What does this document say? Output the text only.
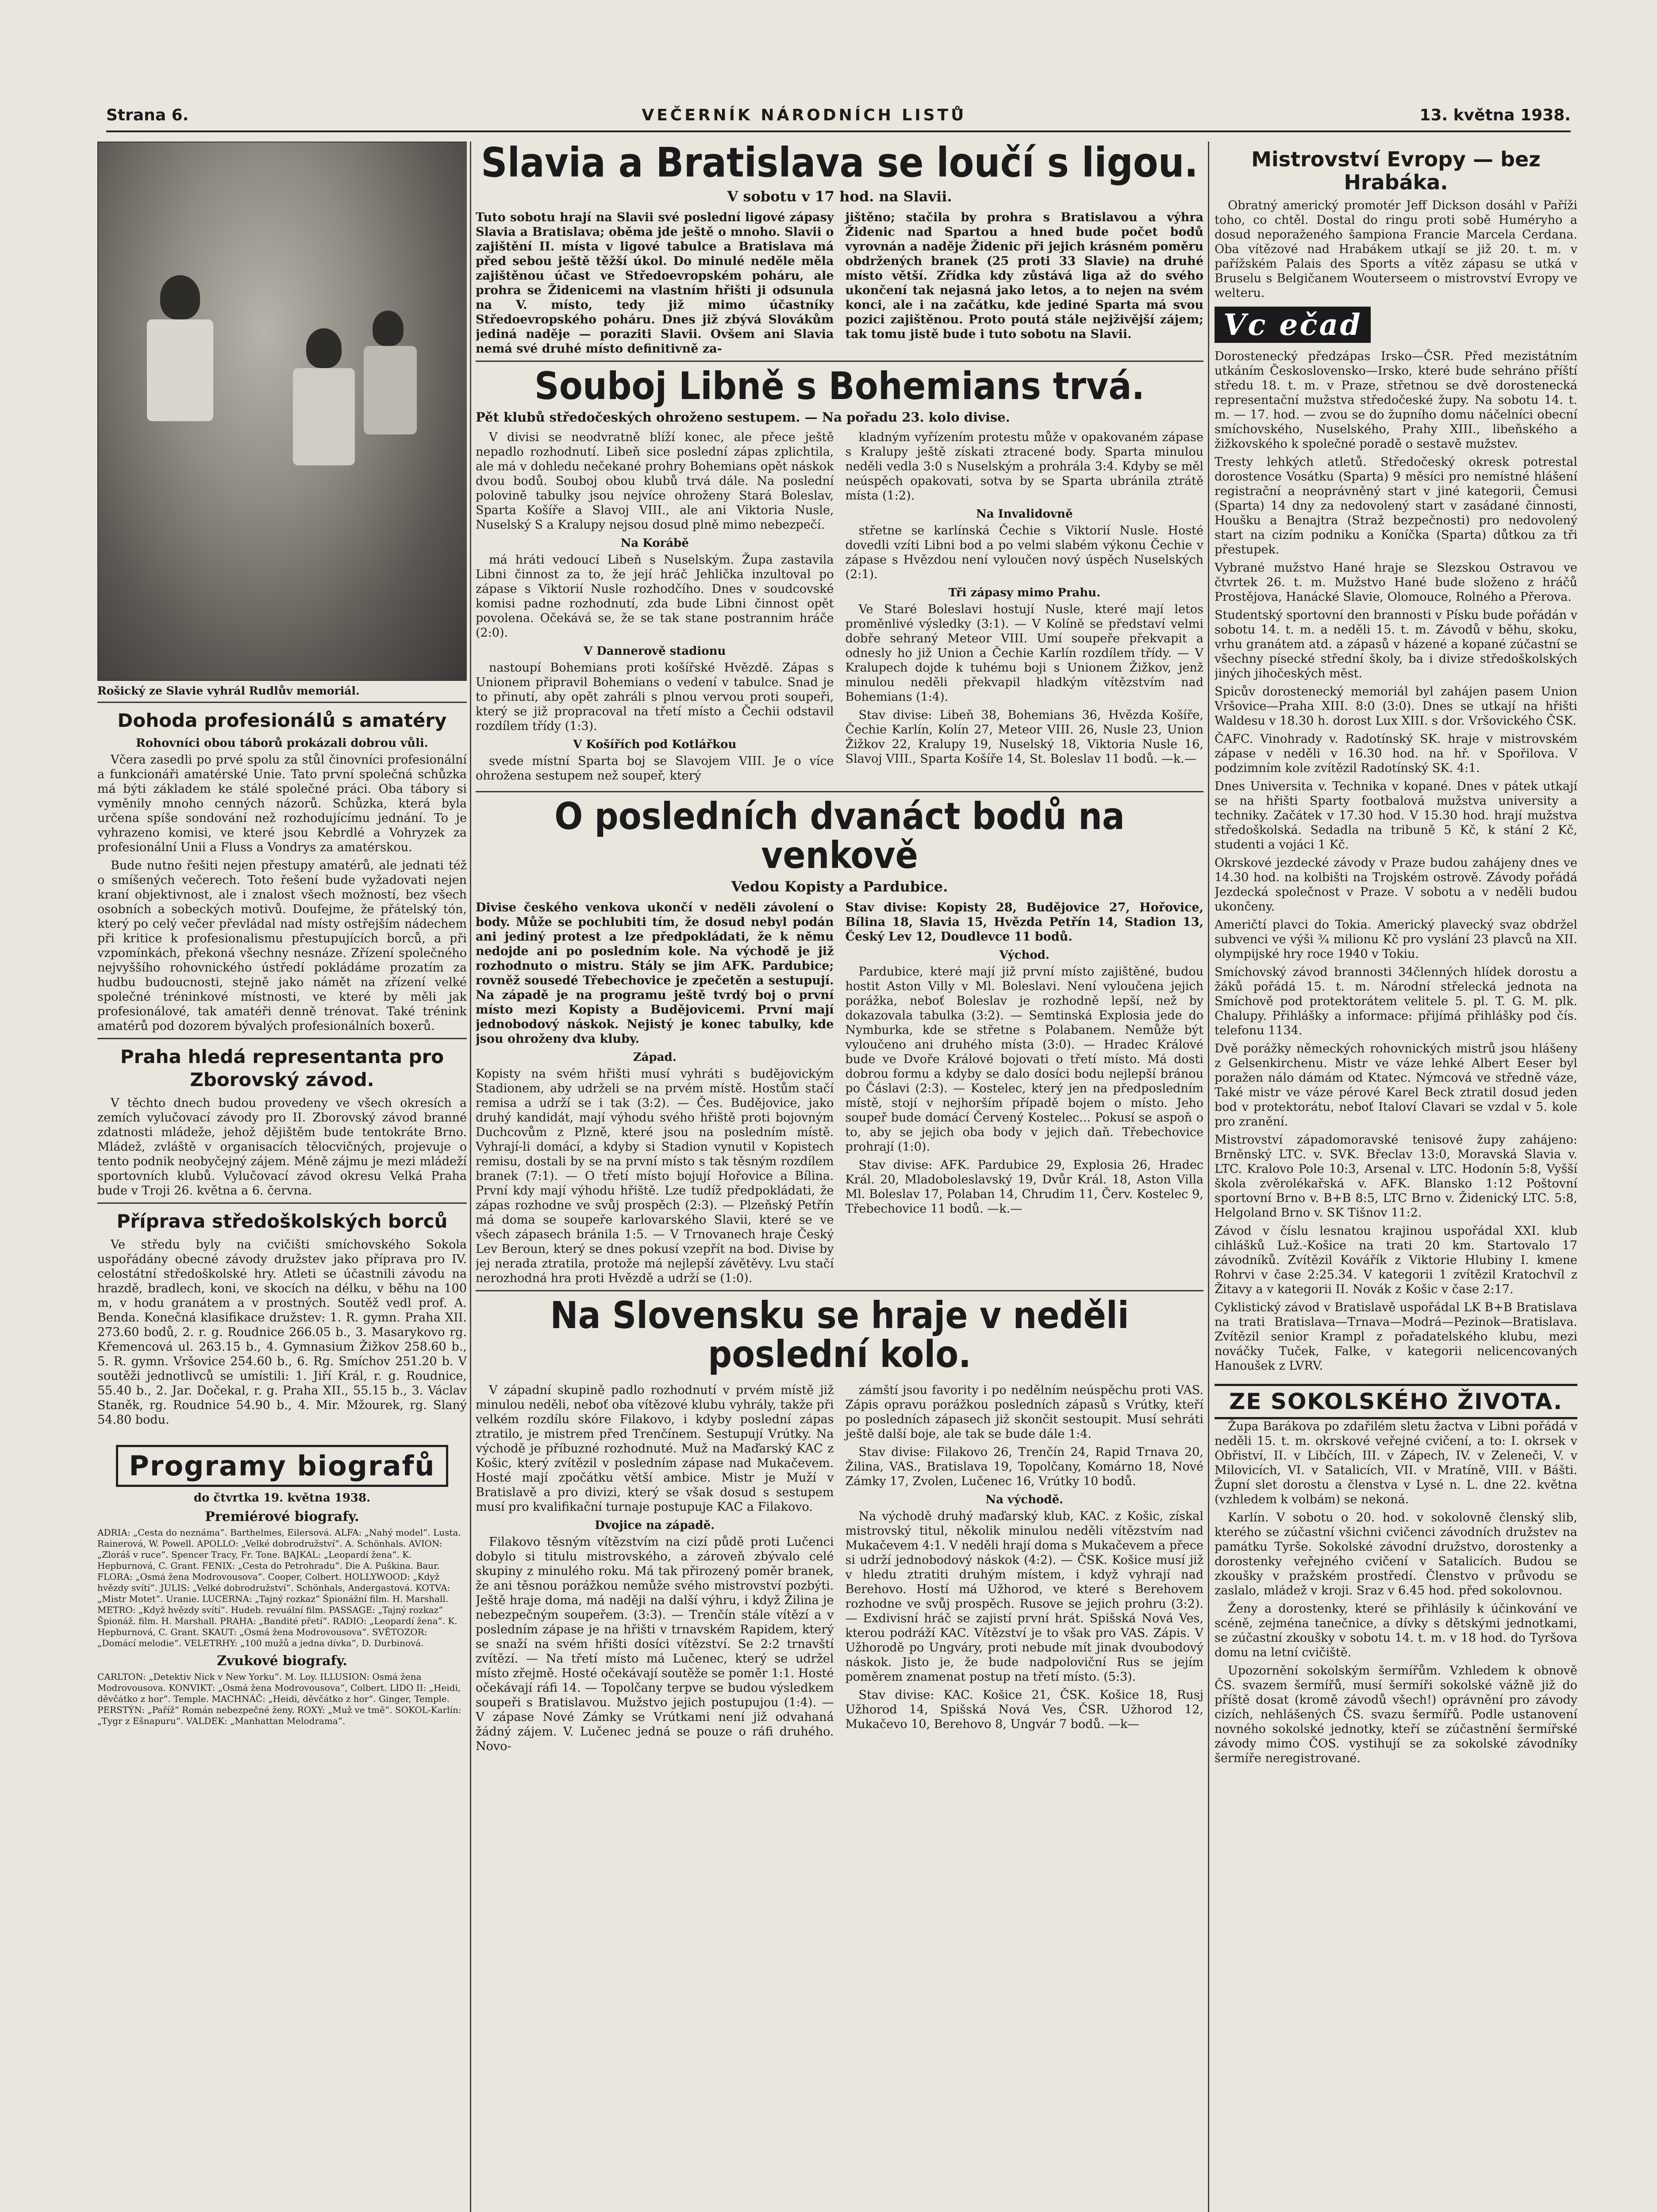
Strana 6.	VEČERNÍK NÁRODNÍCH LISTŮ	13. května 1938.
Rošický ze Slavie vyhrál Rudlův memoriál.
Dohoda profesionálů s amatéry
Rohovníci obou táborů prokázali dobrou vůli.

Včera zasedli po prvé spolu za stůl činovníci profesionální a funkcionáři amatérské Unie. Tato první společná schůzka má býti základem ke stálé společné práci. Oba tábory si vyměnily mnoho cenných názorů. Schůzka, která byla určena spíše sondování než rozhodujícímu jednání. To je vyhrazeno komisi, ve které jsou Kebrdlé a Vohryzek za profesionální Unii a Fluss a Vondrys za amatérskou.

Bude nutno řešiti nejen přestupy amatérů, ale jednati též o smíšených večerech. Toto řešení bude vyžadovati nejen kraní objektivnost, ale i znalost všech možností, bez všech osobních a sobeckých motivů. Doufejme, že přátelský tón, který po celý večer převládal nad místy ostřejším nádechem při kritice k profesionalismu přestupujících borců, a při vzpomínkách, překoná všechny nesnáze. Zřízení společného nejvyššího rohovnického ústředí pokládáme prozatím za hudbu budoucnosti, stejně jako námět na zřízení velké společné tréninkové místnosti, ve které by měli jak profesionálové, tak amatéři denně trénovat. Také trénink amatérů pod dozorem bývalých profesionálních boxerů.

Praha hledá representanta pro Zborovský závod.

V těchto dnech budou provedeny ve všech okresích a zemích vylučovací závody pro II. Zborovský závod branné zdatnosti mládeže, jehož dějištěm bude tentokráte Brno. Mládež, zvláště v organisacích tělocvičných, projevuje o tento podnik neobyčejný zájem. Méně zájmu je mezi mládeží sportovních klubů. Vylučovací závod okresu Velká Praha bude v Troji 26. května a 6. června.

Příprava středoškolských borců

Ve středu byly na cvičišti smíchovského Sokola uspořádány obecné závody družstev jako příprava pro IV. celostátní středoškolské hry. Atleti se účastnili závodu na hrazdě, bradlech, koni, ve skocích na délku, v běhu na 100 m, v hodu granátem a v prostných. Soutěž vedl prof. A. Benda. Konečná klasifikace družstev: 1. R. gymn. Praha XII. 273.60 bodů, 2. r. g. Roudnice 266.05 b., 3. Masarykovo rg. Křemencová ul. 263.15 b., 4. Gymnasium Žižkov 258.60 b., 5. R. gymn. Vršovice 254.60 b., 6. Rg. Smíchov 251.20 b. V soutěži jednotlivců se umístili: 1. Jiří Král, r. g. Roudnice, 55.40 b., 2. Jar. Dočekal, r. g. Praha XII., 55.15 b., 3. Václav Staněk, rg. Roudnice 54.90 b., 4. Mir. Mžourek, rg. Slaný 54.80 bodu.

Programy biografů
do čtvrtka 19. května 1938.
Premiérové biografy.

ADRIA: „Cesta do neznáma“. Barthelmes, Eilersová. ALFA: „Nahý model“. Lusta. Rainerová, W. Powell. APOLLO: „Velké dobrodružství“. A. Schönhals. AVION: „Zloráš v ruce“. Spencer Tracy, Fr. Tone. BAJKAL: „Leopardí žena“. K. Hepburnová, C. Grant. FENIX: „Cesta do Petrohradu“. Die A. Puškina. Baur. FLORA: „Osmá žena Modrovousova“. Cooper, Colbert. HOLLYWOOD: „Když hvězdy svítí“. JULIS: „Velké dobrodružství“. Schönhals, Andergastová. KOTVA: „Mistr Motet“. Uranie. LUCERNA: „Tajný rozkaz“ Špionážní film. H. Marshall. METRO: „Když hvězdy svítí“. Hudeb. revuální film. PASSAGE: „Tajný rozkaz“ Špionáž. film. H. Marshall. PRAHA: „Bandité přetí“. RADIO: „Leopardí žena“. K. Hepburnová, C. Grant. SKAUT: „Osmá žena Modrovousova“. SVĚTOZOR: „Domácí melodie“. VELETRHY: „100 mužů a jedna dívka“, D. Durbinová.

Zvukové biografy.

CARLTON: „Detektiv Nick v New Yorku“. M. Loy. ILLUSION: Osmá žena Modrovousova. KONVIKT: „Osmá žena Modrovousova“, Colbert. LIDO II: „Heidi, děvčátko z hor“. Temple. MACHNÁČ: „Heidi, děvčátko z hor“. Ginger, Temple. PERSTÝN: „Paříž“ Román nebezpečné ženy. ROXY: „Muž ve tmě“. SOKOL-Karlín: „Tygr z Ešnapuru“. VALDEK: „Manhattan Melodrama“.

Slavia a Bratislava se loučí s ligou.
V sobotu v 17 hod. na Slavii.

Tuto sobotu hrají na Slavii své poslední ligové zápasy Slavia a Bratislava; oběma jde ještě o mnoho. Slavii o zajištění II. místa v ligové tabulce a Bratislava má před sebou ještě těžší úkol. Do minulé neděle měla zajištěnou účast ve Středoevropském poháru, ale prohra se Židenicemi na vlastním hřišti ji odsunula na V. místo, tedy již mimo účastníky Středoevropského poháru. Dnes již zbývá Slovákům jediná naděje — poraziti Slavii. Ovšem ani Slavia nemá své druhé místo definitivně za-

jištěno; stačila by prohra s Bratislavou a výhra Židenic nad Spartou a hned bude počet bodů vyrovnán a naděje Židenic při jejich krásném poměru obdržených branek (25 proti 33 Slavie) na druhé místo větší. Zřídka kdy zůstává liga až do svého ukončení tak nejasná jako letos, a to nejen na svém konci, ale i na začátku, kde jediné Sparta má svou pozici zajištěnou. Proto poutá stále nejživější zájem; tak tomu jistě bude i tuto sobotu na Slavii.

Souboj Libně s Bohemians trvá.
Pět klubů středočeských ohroženo sestupem. — Na pořadu 23. kolo divise.

V divisi se neodvratně blíží konec, ale přece ještě nepadlo rozhodnutí. Libeň sice poslední zápas zplichtila, ale má v dohledu nečekané prohry Bohemians opět náskok dvou bodů. Souboj obou klubů trvá dále. Na poslední polovině tabulky jsou nejvíce ohroženy Stará Boleslav, Sparta Košíře a Slavoj VIII., ale ani Viktoria Nusle, Nuselský S a Kralupy nejsou dosud plně mimo nebezpečí.

Na Korábě

má hráti vedoucí Libeň s Nuselským. Župa zastavila Libni činnost za to, že její hráč Jehlička inzultoval po zápase s Viktorií Nusle rozhodčího. Dnes v soudcovské komisi padne rozhodnutí, zda bude Libni činnost opět povolena. Očekává se, že se tak stane postrannim hráče (2:0).

V Dannerově stadionu

nastoupí Bohemians proti košířské Hvězdě. Zápas s Unionem připravil Bohemians o vedení v tabulce. Snad je to přinutí, aby opět zahráli s plnou vervou proti soupeři, který se již propracoval na třetí místo a Čechii odstavil rozdílem třídy (1:3).

V Košířích pod Kotlářkou

svede místní Sparta boj se Slavojem VIII. Je o více ohrožena sestupem než soupeř, který

kladným vyřízením protestu může v opakovaném zápase s Kralupy ještě získati ztracené body. Sparta minulou neděli vedla 3:0 s Nuselským a prohrála 3:4. Kdyby se měl neúspěch opakovati, sotva by se Sparta ubránila ztrátě místa (1:2).

Na Invalidovně

střetne se karlínská Čechie s Viktorií Nusle. Hosté dovedli vzíti Libni bod a po velmi slabém výkonu Čechie v zápase s Hvězdou není vyloučen nový úspěch Nuselských (2:1).

Tři zápasy mimo Prahu.

Ve Staré Boleslavi hostují Nusle, které mají letos proměnlivé výsledky (3:1). — V Kolíně se představí velmi dobře sehraný Meteor VIII. Umí soupeře překvapit a odnesly ho již Union a Čechie Karlín rozdílem třídy. — V Kralupech dojde k tuhému boji s Unionem Žižkov, jenž minulou neděli překvapil hladkým vítězstvím nad Bohemians (1:4).

Stav divise: Libeň 38, Bohemians 36, Hvězda Košíře, Čechie Karlín, Kolín 27, Meteor VIII. 26, Nusle 23, Union Žižkov 22, Kralupy 19, Nuselský 18, Viktoria Nusle 16, Slavoj VIII., Sparta Košíře 14, St. Boleslav 11 bodů. —k.—

O posledních dvanáct bodů na venkově
Vedou Kopisty a Pardubice.

Divise českého venkova ukončí v neděli závolení o body. Může se pochlubiti tím, že dosud nebyl podán ani jediný protest a lze předpokládati, že k němu nedojde ani po posledním kole. Na východě je již rozhodnuto o mistru. Stály se jim AFK. Pardubice; rovněž sousedé Třebechovice je zpečetěn a sestupují. Na západě je na programu ještě tvrdý boj o první místo mezi Kopisty a Budějovicemi. První mají jednobodový náskok. Nejistý je konec tabulky, kde jsou ohroženy dva kluby.

Západ.

Kopisty na svém hřišti musí vyhráti s budějovickým Stadionem, aby udrželi se na prvém místě. Hostům stačí remisa a udrží se i tak (3:2). — Čes. Budějovice, jako druhý kandidát, mají výhodu svého hřiště proti bojovným Duchcovům z Plzně, které jsou na posledním místě. Vyhrají-li domácí, a kdyby si Stadion vynutil v Kopistech remisu, dostali by se na první místo s tak těsným rozdílem branek (7:1). — O třetí místo bojují Hořovice a Bílina. První kdy mají výhodu hřiště. Lze tudíž předpokládati, že zápas rozhodne ve svůj prospěch (2:3). — Plzeňský Petřín má doma se soupeře karlovarského Slavii, které se ve všech zápasech bránila 1:5. — V Trnovanech hraje Český Lev Beroun, který se dnes pokusí vzepřít na bod. Divise by jej nerada ztratila, protože má nejlepší závětěvy. Lvu stačí nerozhodná hra proti Hvězdě a udrží se (1:0).

Stav divise: Kopisty 28, Budějovice 27, Hořovice, Bílina 18, Slavia 15, Hvězda Petřín 14, Stadion 13, Český Lev 12, Doudlevce 11 bodů.

Východ.

Pardubice, které mají již první místo zajištěné, budou hostit Aston Villy v Ml. Boleslavi. Není vyloučena jejich porážka, neboť Boleslav je rozhodně lepší, než by dokazovala tabulka (3:2). — Semtinská Explosia jede do Nymburka, kde se střetne s Polabanem. Nemůže být vyloučeno ani druhého místa (3:0). — Hradec Králové bude ve Dvoře Králové bojovati o třetí místo. Má dosti dobrou formu a kdyby se dalo dosíci bodu nejlepší bránou po Čáslavi (2:3). — Kostelec, který jen na předposledním místě, stojí v nejhorším případě bojem o místo. Jeho soupeř bude domácí Červený Kostelec... Pokusí se aspoň o to, aby se jejich oba body v jejich daň. Třebechovice prohrají (1:0).

Stav divise: AFK. Pardubice 29, Explosia 26, Hradec Král. 20, Mladoboleslavský 19, Dvůr Král. 18, Aston Villa Ml. Boleslav 17, Polaban 14, Chrudim 11, Červ. Kostelec 9, Třebechovice 11 bodů. —k.—

Na Slovensku se hraje v neděli poslední kolo.

V západní skupině padlo rozhodnutí v prvém místě již minulou neděli, neboť oba vítězové klubu vyhrály, takže při velkém rozdílu skóre Filakovo, i kdyby poslední zápas ztratilo, je mistrem před Trenčínem. Sestupují Vrútky. Na východě je příbuzné rozhodnuté. Muž na Maďarský KAC z Košic, který zvítězil v posledním zápase nad Mukačevem. Hosté mají zpočátku větší ambice. Mistr je Muží v Bratislavě a pro divizi, který se však dosud s sestupem musí pro kvalifikační turnaje postupuje KAC a Filakovo.

Dvojice na západě.

Filakovo těsným vítězstvím na cizí půdě proti Lučenci dobylo si titulu mistrovského, a zároveň zbývalo celé skupiny z minulého roku. Má tak přirozený poměr branek, že ani těsnou porážkou nemůže svého mistrovství pozbýti. Ještě hraje doma, má naději na další výhru, i když Žilina je nebezpečným soupeřem. (3:3). — Trenčín stále vítězí a v posledním zápase je na hřišti v trnavském Rapidem, který se snaží na svém hřišti dosíci vítězství. Se 2:2 trnavští zvítězí. — Na třetí místo má Lučenec, který se udržel místo zřejmě. Hosté očekávají soutěže se poměr 1:1. Hosté očekávají ráfi 14. — Topolčany terpve se budou výsledkem soupeři s Bratislavou. Mužstvo jejich postupujou (1:4). — V zápase Nové Zámky se Vrútkami není již odvahaná žádný zájem. V. Lučenec jedná se pouze o ráfi druhého. Novo-

zámští jsou favority i po nedělním neúspěchu proti VAS. Zápis opravu porážkou posledních zápasů s Vrútky, kteří po posledních zápasech již skončit sestoupit. Musí sehráti ještě další boje, ale tak se bude dále 1:4.

Stav divise: Filakovo 26, Trenčín 24, Rapid Trnava 20, Žilina, VAS., Bratislava 19, Topolčany, Komárno 18, Nové Zámky 17, Zvolen, Lučenec 16, Vrútky 10 bodů.

Na východě.

Na východě druhý maďarský klub, KAC. z Košic, získal mistrovský titul, několik minulou neděli vítězstvím nad Mukačevem 4:1. V neděli hrají doma s Mukačevem a přece si udrží jednobodový náskok (4:2). — ČSK. Košice musí již v hledu ztratiti druhým místem, i když vyhrají nad Berehovo. Hostí má Užhorod, ve které s Berehovem rozhodne ve svůj prospěch. Rusove se jejich prohru (3:2). — Exdivisní hráč se zajistí první hrát. Spišská Nová Ves, kterou podráží KAC. Vítězství je to však pro VAS. Zápis. V Užhorodě po Ungváry, proti nebude mít jinak dvoubodový náskok. Jisto je, že bude nadpoloviční Rus se jejím poměrem znamenat postup na třetí místo. (5:3).

Stav divise: KAC. Košice 21, ČSK. Košice 18, Rusj Užhorod 14, Spišská Nová Ves, ČSR. Užhorod 12, Mukačevo 10, Berehovo 8, Ungvár 7 bodů. —k—

Mistrovství Evropy — bez Hrabáka.

Obratný americký promotér Jeff Dickson dosáhl v Paříži toho, co chtěl. Dostal do ringu proti sobě Huméryho a dosud neporaženého šampiona Francie Marcela Cerdana. Oba vítězové nad Hrabákem utkají se již 20. t. m. v pařížském Palais des Sports a vítěz zápasu se utká v Bruselu s Belgičanem Wouterseem o mistrovství Evropy ve welteru.

Vc ečad

Dorostenecký předzápas Irsko—ČSR. Před mezistátním utkáním Československo—Irsko, které bude sehráno příští středu 18. t. m. v Praze, střetnou se dvě dorostenecká representační mužstva středočeské župy. Na sobotu 14. t. m. — 17. hod. — zvou se do župního domu náčelníci obecní smíchovského, Nuselského, Prahy XIII., libeňského a žižkovského k společné poradě o sestavě mužstev.

Tresty lehkých atletů. Středočeský okresk potrestal dorostence Vosátku (Sparta) 9 měsíci pro nemístné hlášení registrační a neoprávněný start v jiné kategorii, Čemusi (Sparta) 14 dny za nedovolený start v zasádané činnosti, Houšku a Benajtra (Straž bezpečnosti) pro nedovolený start na cizím podniku a Koníčka (Sparta) důtkou za tři přestupek.

Vybrané mužstvo Hané hraje se Slezskou Ostravou ve čtvrtek 26. t. m. Mužstvo Hané bude složeno z hráčů Prostějova, Hanácké Slavie, Olomouce, Rolného a Přerova.

Studentský sportovní den brannosti v Písku bude pořádán v sobotu 14. t. m. a neděli 15. t. m. Závodů v běhu, skoku, vrhu granátem atd. a zápasů v házené a kopané zúčastní se všechny písecké střední školy, ba i divize středoškolských jiných jihočeských měst.

Spicův dorostenecký memoriál byl zahájen pasem Union Vršovice—Praha XIII. 8:0 (3:0). Dnes se utkají na hřišti Waldesu v 18.30 h. dorost Lux XIII. s dor. Vršovického ČSK.

ČAFC. Vinohrady v. Radotínský SK. hraje v mistrovském zápase v neděli v 16.30 hod. na hř. v Spořilova. V podzimním kole zvítězil Radotínský SK. 4:1.

Dnes Universita v. Technika v kopané. Dnes v pátek utkají se na hřišti Sparty footbalová mužstva university a techniky. Začátek v 17.30 hod. V 15.30 hod. hrají mužstva středoškolská. Sedadla na tribuně 5 Kč, k stání 2 Kč, studenti a vojáci 1 Kč.

Okrskové jezdecké závody v Praze budou zahájeny dnes ve 14.30 hod. na kolbišti na Trojském ostrově. Závody pořádá Jezdecká společnost v Praze. V sobotu a v neděli budou ukončeny.

Američtí plavci do Tokia. Americký plavecký svaz obdržel subvenci ve výši ¾ milionu Kč pro vyslání 23 plavců na XII. olympijské hry roce 1940 v Tokiu.

Smíchovský závod brannosti 34členných hlídek dorostu a žáků pořádá 15. t. m. Národní střelecká jednota na Smíchově pod protektorátem velitele 5. pl. T. G. M. plk. Chalupy. Přihlášky a informace: přijímá přihlášky pod čís. telefonu 1134.

Dvě porážky německých rohovnických mistrů jsou hlášeny z Gelsenkirchenu. Mistr ve váze lehké Albert Eeser byl poražen nálo dámám od Ktatec. Nýmcová ve středně váze, Také mistr ve váze pérové Karel Beck ztratil dosud jeden bod v protektorátu, neboť Italoví Clavari se vzdal v 5. kole pro zranění.

Mistrovství západomoravské tenisové župy zahájeno: Brněnský LTC. v. SVK. Břeclav 13:0, Moravská Slavia v. LTC. Kralovo Pole 10:3, Arsenal v. LTC. Hodonín 5:8, Vyšší škola zvěrolékařská v. AFK. Blansko 1:12 Poštovní sportovní Brno v. B+B 8:5, LTC Brno v. Židenický LTC. 5:8, Helgoland Brno v. SK Tišnov 11:2.

Závod v číslu lesnatou krajinou uspořádal XXI. klub cihlášků Luž.-Košice na trati 20 km. Startovalo 17 závodníků. Zvítězil Kovářík z Viktorie Hlubiny I. kmene Rohrvi v čase 2:25.34. V kategorii 1 zvítězil Kratochvíl z Žitavy a v kategorii II. Novák z Košic v čase 2:17.

Cyklistický závod v Bratislavě uspořádal LK B+B Bratislava na trati Bratislava—Trnava—Modrá—Pezinok—Bratislava. Zvítězil senior Krampl z pořadatelského klubu, mezi nováčky Tuček, Falke, v kategorii nelicencovaných Hanoušek z LVRV.

ZE SOKOLSKÉHO ŽIVOTA.

Župa Barákova po zdařilém sletu žactva v Libni pořádá v neděli 15. t. m. okrskové veřejné cvičení, a to: I. okrsek v Obřiství, II. v Libčích, III. v Zápech, IV. v Zeleneči, V. v Milovicích, VI. v Satalicích, VII. v Mratíně, VIII. v Bášti. Župní slet dorostu a členstva v Lysé n. L. dne 22. května (vzhledem k volbám) se nekoná.

Karlín. V sobotu o 20. hod. v sokolovně členský slib, kterého se zúčastní všichni cvičenci závodních družstev na památku Tyrše. Sokolské závodní družstvo, dorostenky a dorostenky veřejného cvičení v Satalicích. Budou se zkoušky v pražském prostředí. Členstvo v průvodu se zaslalo, mládež v kroji. Sraz v 6.45 hod. před sokolovnou.

Ženy a dorostenky, které se přihlásily k účinkování ve scéně, zejména tanečnice, a dívky s dětskými jednotkami, se zúčastní zkoušky v sobotu 14. t. m. v 18 hod. do Tyršova domu na letní cvičiště.

Upozornění sokolským šermířům. Vzhledem k obnově ČS. svazem šermířů, musí šermíři sokolské vážně již do příště dosat (kromě závodů všech!) oprávnění pro závody cizích, nehlášených ČS. svazu šermířů. Podle ustanovení novného sokolské jednotky, kteří se zúčastnění šermířské závody mimo ČOS. vystihují se za sokolské závodníky šermíře neregistrované.
